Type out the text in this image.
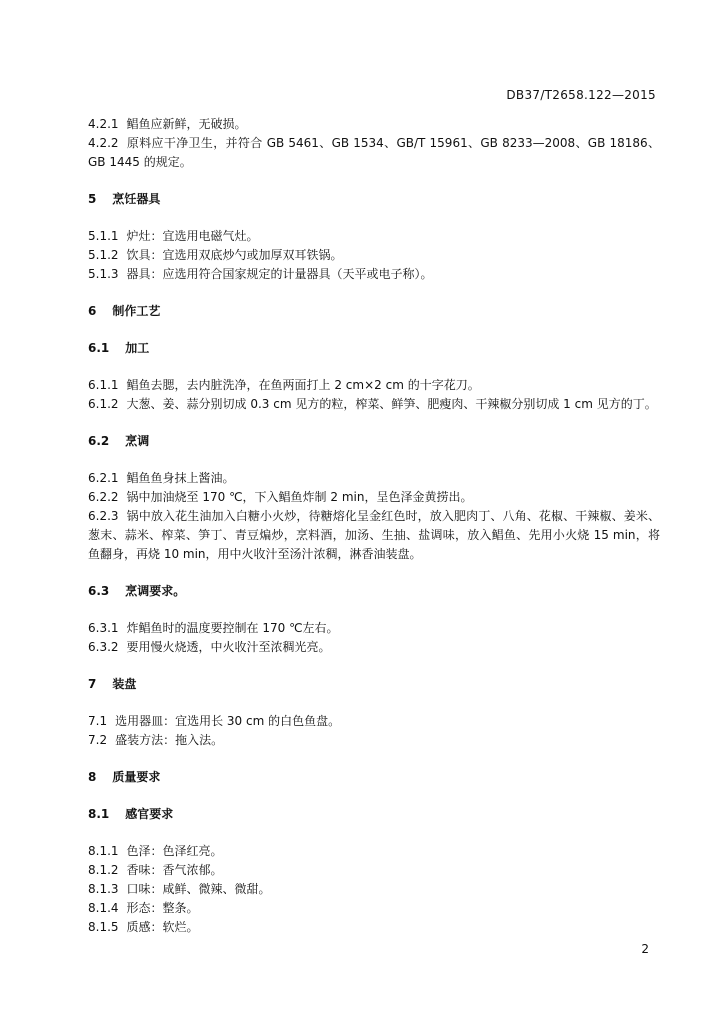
DB37/T2658.122—2015

4.2.1 鲳鱼应新鲜，无破损。

4.2.2 原料应干净卫生，并符合 GB 5461、GB 1534、GB/T 15961、GB 8233—2008、GB 18186、GB 1445 的规定。

5 烹饪器具

5.1.1 炉灶：宜选用电磁气灶。

5.1.2 饮具：宜选用双底炒勺或加厚双耳铁锅。

5.1.3 器具：应选用符合国家规定的计量器具（天平或电子称）。

6 制作工艺

6.1 加工

6.1.1 鲳鱼去腮，去内脏洗净，在鱼两面打上 2 cm×2 cm 的十字花刀。

6.1.2 大葱、姜、蒜分别切成 0.3 cm 见方的粒，榨菜、鲜笋、肥瘦肉、干辣椒分别切成 1 cm 见方的丁。

6.2 烹调

6.2.1 鲳鱼鱼身抹上酱油。

6.2.2 锅中加油烧至 170 ℃，下入鲳鱼炸制 2 min，呈色泽金黄捞出。

6.2.3 锅中放入花生油加入白糖小火炒，待糖熔化呈金红色时，放入肥肉丁、八角、花椒、干辣椒、姜米、葱末、蒜米、榨菜、笋丁、青豆煸炒，烹料酒，加汤、生抽、盐调味，放入鲳鱼、先用小火烧 15 min，将鱼翻身，再烧 10 min，用中火收汁至汤汁浓稠，淋香油装盘。

6.3 烹调要求。

6.3.1 炸鲳鱼时的温度要控制在 170 ℃左右。

6.3.2 要用慢火烧透，中火收汁至浓稠光亮。

7 装盘

7.1 选用器皿：宜选用长 30 cm 的白色鱼盘。

7.2 盛装方法：拖入法。

8 质量要求

8.1 感官要求

8.1.1 色泽：色泽红亮。

8.1.2 香味：香气浓郁。

8.1.3 口味：咸鲜、微辣、微甜。

8.1.4 形态：整条。

8.1.5 质感：软烂。

2
